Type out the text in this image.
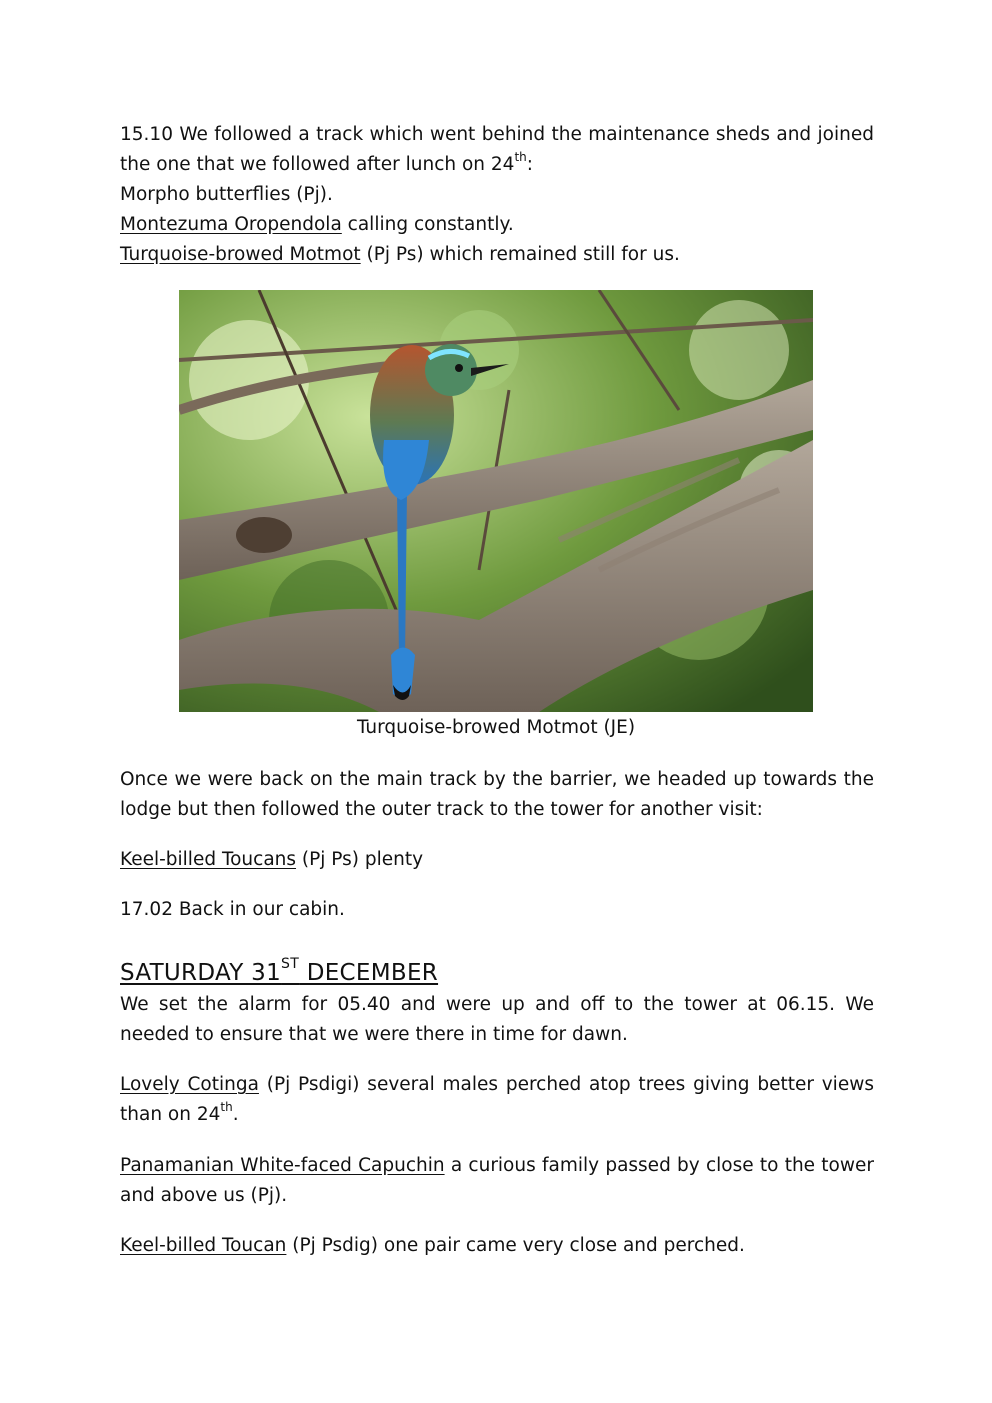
15.10 We followed a track which went behind the maintenance sheds and joined the one that we followed after lunch on 24th:
Morpho butterflies (Pj).
Montezuma Oropendola calling constantly.
Turquoise-browed Motmot (Pj Ps) which remained still for us.
Turquoise-browed Motmot (JE)
Once we were back on the main track by the barrier, we headed up towards the lodge but then followed the outer track to the tower for another visit:
Keel-billed Toucans (Pj Ps) plenty
17.02 Back in our cabin.
SATURDAY 31ST DECEMBER
We set the alarm for 05.40 and were up and off to the tower at 06.15. We needed to ensure that we were there in time for dawn.
Lovely Cotinga (Pj Psdigi) several males perched atop trees giving better views than on 24th.
Panamanian White-faced Capuchin a curious family passed by close to the tower and above us (Pj).
Keel-billed Toucan (Pj Psdig) one pair came very close and perched.
